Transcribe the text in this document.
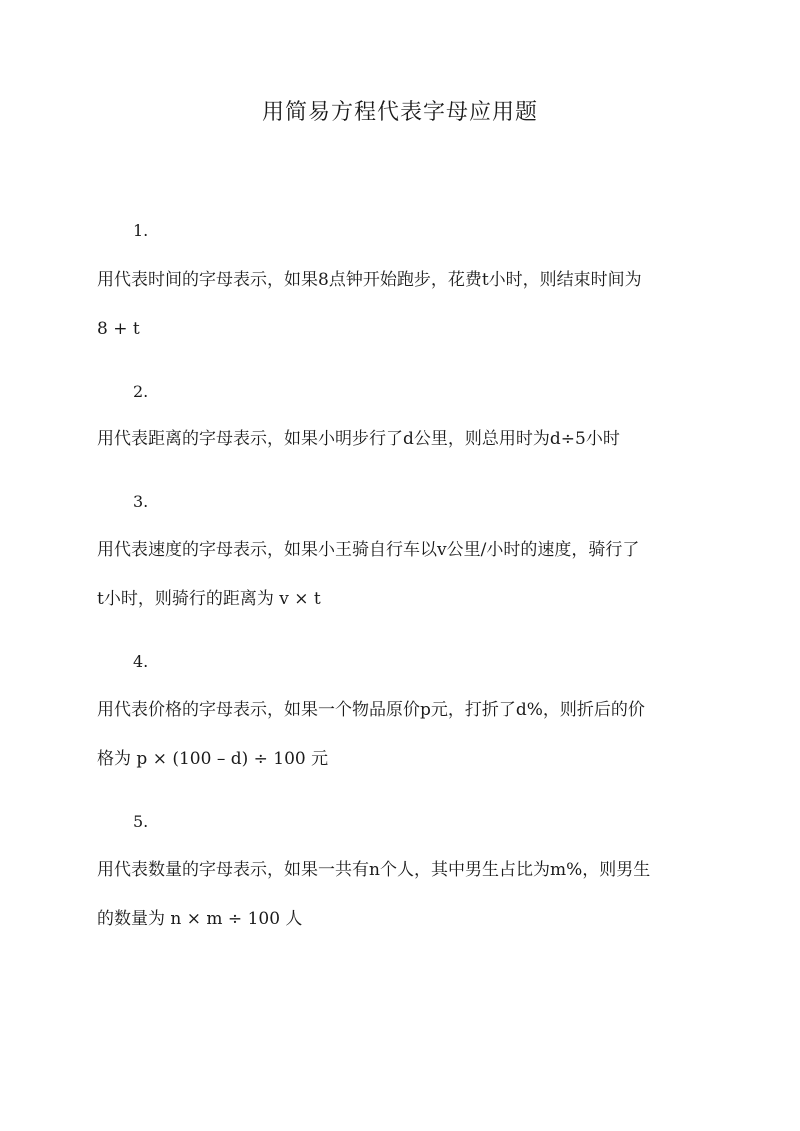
用简易方程代表字母应用题
1.
用代表时间的字母表示，如果8点钟开始跑步，花费t小时，则结束时间为
8 + t
2.
用代表距离的字母表示，如果小明步行了d公里，则总用时为d÷5小时
3.
用代表速度的字母表示，如果小王骑自行车以v公里/小时的速度，骑行了
t小时，则骑行的距离为 v × t
4.
用代表价格的字母表示，如果一个物品原价p元，打折了d%，则折后的价
格为 p × (100 – d) ÷ 100 元
5.
用代表数量的字母表示，如果一共有n个人，其中男生占比为m%，则男生
的数量为 n × m ÷ 100 人
